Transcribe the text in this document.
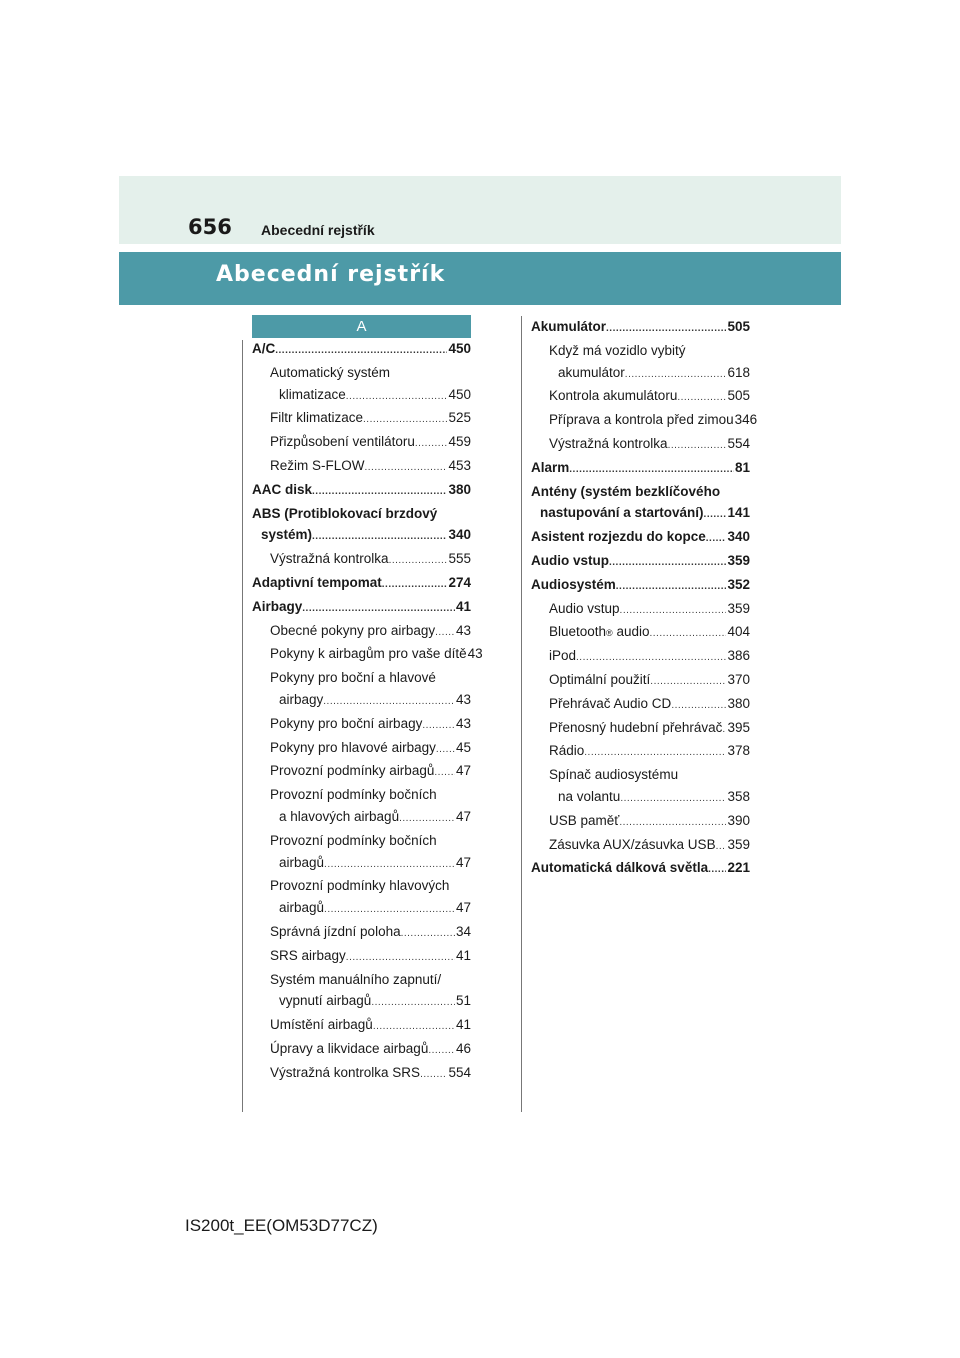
656 Abecední rejstřík
Abecední rejstřík
A
A/C .....	450
Automatický systém
klimatizace .....	450
Filtr klimatizace .....	525
Přizpůsobení ventilátoru ..... 459
Režim S-FLOW .....	453
AAC disk .....	380
ABS (Protiblokovací brzdový
systém) .....	340
Výstražná kontrolka .....	555
Adaptivní tempomat .....	274
Airbagy .....	41
Obecné pokyny pro airbagy ..... 43
Pokyny k airbagům pro vaše dítě 43
Pokyny pro boční a hlavové
airbagy .....	43
Pokyny pro boční airbagy ..... 43
Pokyny pro hlavové airbagy ..... 45
Provozní podmínky airbagů ..... 47
Provozní podmínky bočních
a hlavových airbagů .....	47
Provozní podmínky bočních
airbagů .....	47
Provozní podmínky hlavových
airbagů .....	47
Správná jízdní poloha .....	34
SRS airbagy .....	41
Systém manuálního zapnutí/
vypnutí airbagů .....	51
Umístění airbagů .....	41
Úpravy a likvidace airbagů ..... 46
Výstražná kontrolka SRS ..... 554
Akumulátor .....	505
Když má vozidlo vybitý
akumulátor .....	618
Kontrola akumulátoru .....	505
Příprava a kontrola před zimou 346
Výstražná kontrolka .....	554
Alarm .....	81
Antény (systém bezklíčového
nastupování a startování) ..... 141
Asistent rozjezdu do kopce ..... 340
Audio vstup .....	359
Audiosystém .....	352
Audio vstup .....	359
Bluetooth ® audio .....	404
iPod .....	386
Optimální použití .....	370
Přehrávač Audio CD .....	380
Přenosný hudební přehrávač ..... 395
Rádio .....	378
Spínač audiosystému
na volantu .....	358
USB paměť .....	390
Zásuvka AUX/zásuvka USB ..... 359
Automatická dálková světla ..... 221
IS200t_EE(OM53D77CZ)
